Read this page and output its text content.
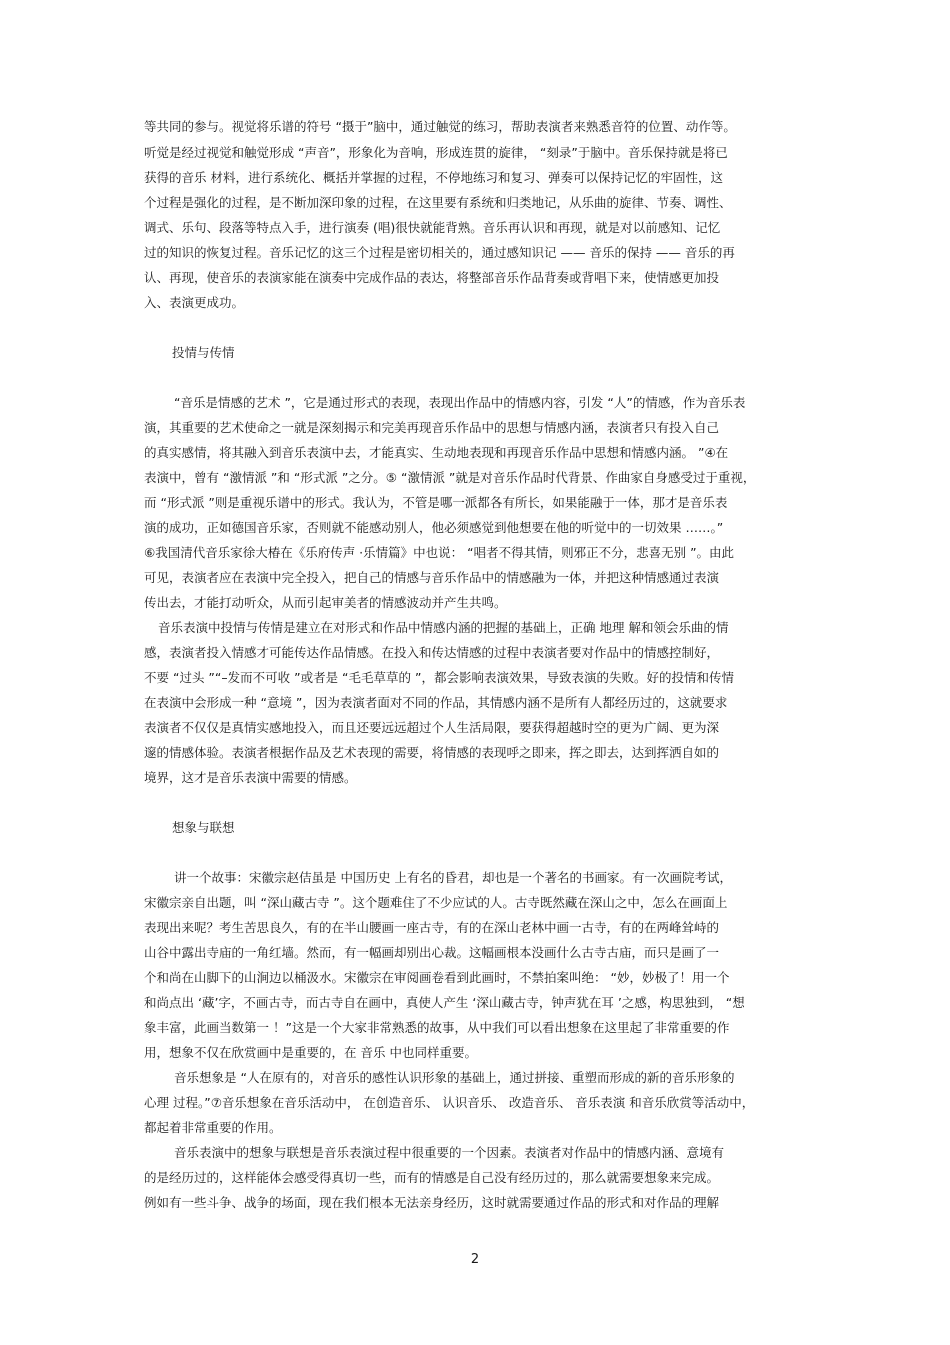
等共同的参与。视觉将乐谱的符号 “摄于”脑中，通过触觉的练习，帮助表演者来熟悉音符的位置、动作等。
听觉是经过视觉和触觉形成 “声音”，形象化为音响，形成连贯的旋律， “刻录”于脑中。音乐保持就是将已
获得的音乐 材料，进行系统化、概括并掌握的过程，不停地练习和复习、弹奏可以保持记忆的牢固性，这
个过程是强化的过程，是不断加深印象的过程，在这里要有系统和归类地记，从乐曲的旋律、节奏、调性、
调式、乐句、段落等特点入手，进行演奏 (唱)很快就能背熟。音乐再认识和再现，就是对以前感知、记忆
过的知识的恢复过程。音乐记忆的这三个过程是密切相关的，通过感知识记 —— 音乐的保持 —— 音乐的再
认、再现，使音乐的表演家能在演奏中完成作品的表达，将整部音乐作品背奏或背唱下来，使情感更加投
入、表演更成功。
投情与传情
“音乐是情感的艺术 ”，它是通过形式的表现，表现出作品中的情感内容，引发 “人”的情感，作为音乐表
演，其重要的艺术使命之一就是深刻揭示和完美再现音乐作品中的思想与情感内涵，表演者只有投入自己
的真实感情，将其融入到音乐表演中去，才能真实、生动地表现和再现音乐作品中思想和情感内涵。 ”④在
表演中，曾有 “激情派 ”和 “形式派 ”之分。⑤ “激情派 ”就是对音乐作品时代背景、作曲家自身感受过于重视，
而 “形式派 ”则是重视乐谱中的形式。我认为，不管是哪一派都各有所长，如果能融于一体，那才是音乐表
演的成功，正如德国音乐家，否则就不能感动别人，他必须感觉到他想要在他的听觉中的一切效果 ……。”
⑥我国清代音乐家徐大椿在《乐府传声 ·乐情篇》中也说： “唱者不得其情，则邪正不分，悲喜无别 ”。由此
可见，表演者应在表演中完全投入，把自己的情感与音乐作品中的情感融为一体，并把这种情感通过表演
传出去，才能打动听众，从而引起审美者的情感波动并产生共鸣。
音乐表演中投情与传情是建立在对形式和作品中情感内涵的把握的基础上，正确 地理 解和领会乐曲的情
感，表演者投入情感才可能传达作品情感。在投入和传达情感的过程中表演者要对作品中的情感控制好，
不要 “过头 ”“–发而不可收 ”或者是 “毛毛草草的 ”，都会影响表演效果，导致表演的失败。好的投情和传情
在表演中会形成一种 “意境 ”，因为表演者面对不同的作品，其情感内涵不是所有人都经历过的，这就要求
表演者不仅仅是真情实感地投入，而且还要远远超过个人生活局限，要获得超越时空的更为广阔、更为深
邃的情感体验。表演者根据作品及艺术表现的需要，将情感的表现呼之即来，挥之即去，达到挥洒自如的
境界，这才是音乐表演中需要的情感。
想象与联想
讲一个故事：宋徽宗赵佶虽是 中国历史 上有名的昏君，却也是一个著名的书画家。有一次画院考试，
宋徽宗亲自出题，叫 “深山藏古寺 ”。这个题难住了不少应试的人。古寺既然藏在深山之中，怎么在画面上
表现出来呢？考生苦思良久，有的在半山腰画一座古寺，有的在深山老林中画一古寺，有的在两峰耸峙的
山谷中露出寺庙的一角红墙。然而，有一幅画却别出心裁。这幅画根本没画什么古寺古庙，而只是画了一
个和尚在山脚下的山涧边以桶汲水。宋徽宗在审阅画卷看到此画时，不禁拍案叫绝： “妙，妙极了！用一个
和尚点出 ‘藏’字，不画古寺，而古寺自在画中，真使人产生 ‘深山藏古寺，钟声犹在耳 ’之感，构思独到， “想
象丰富，此画当数第一 ！”这是一个大家非常熟悉的故事，从中我们可以看出想象在这里起了非常重要的作
用，想象不仅在欣赏画中是重要的，在 音乐 中也同样重要。
音乐想象是 “人在原有的，对音乐的感性认识形象的基础上，通过拼接、重塑而形成的新的音乐形象的
心理 过程。”⑦音乐想象在音乐活动中， 在创造音乐、 认识音乐、 改造音乐、 音乐表演 和音乐欣赏等活动中，
都起着非常重要的作用。
音乐表演中的想象与联想是音乐表演过程中很重要的一个因素。表演者对作品中的情感内涵、意境有
的是经历过的，这样能体会感受得真切一些，而有的情感是自己没有经历过的，那么就需要想象来完成。
例如有一些斗争、战争的场面，现在我们根本无法亲身经历，这时就需要通过作品的形式和对作品的理解
2
